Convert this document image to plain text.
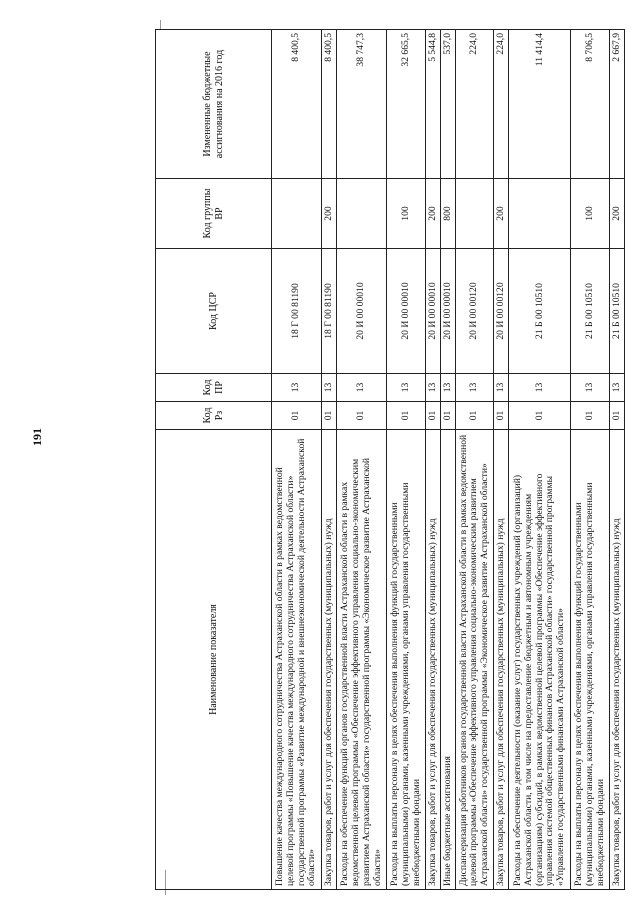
191
Наименование показателя	Код Рз	Код ПР	Код ЦСР	Код группы ВР	Измененные бюджетные ассигнования на 2016 год
Повышение качества международного сотрудничества Астраханской области в рамках ведомственной целевой программы «Повышение качества международного сотрудничества Астраханской области» государственной программы «Развитие международной и внешнеэкономической деятельности Астраханской области»	01	13	18 Г 00 81190		8 400,5
Закупка товаров, работ и услуг для обеспечения государственных (муниципальных) нужд	01	13	18 Г 00 81190	200	8 400,5
Расходы на обеспечение функций органов государственной власти Астраханской области в рамках ведомственной целевой программы «Обеспечение эффективного управления социально-экономическим развитием Астраханской области» государственной программы «Экономическое развитие Астраханской области»	01	13	20 И 00 00010		38 747,3
Расходы на выплаты персоналу в целях обеспечения выполнения функций государственными (муниципальными) органами, казенными учреждениями, органами управления государственными внебюджетными фондами	01	13	20 И 00 00010	100	32 665,5
Закупка товаров, работ и услуг для обеспечения государственных (муниципальных) нужд	01	13	20 И 00 00010	200	5 544,8
Иные бюджетные ассигнования	01	13	20 И 00 00010	800	537,0
Диспансеризация работников органов государственной власти Астраханской области в рамках ведомственной целевой программы «Обеспечение эффективного управления социально-экономическим развитием Астраханской области» государственной программы «Экономическое развитие Астраханской области»	01	13	20 И 00 00120		224,0
Закупка товаров, работ и услуг для обеспечения государственных (муниципальных) нужд	01	13	20 И 00 00120	200	224,0
Расходы на обеспечение деятельности (оказание услуг) государственных учреждений (организаций) Астраханской области, в том числе на предоставление бюджетным и автономным учреждениям (организациям) субсидий, в рамках ведомственной целевой программы «Обеспечение эффективного управления системой общественных финансов Астраханской области» государственной программы «Управление государственными финансами Астраханской области»	01	13	21 Б 00 10510		11 414,4
Расходы на выплаты персоналу в целях обеспечения выполнения функций государственными (муниципальными) органами, казенными учреждениями, органами управления государственными внебюджетными фондами	01	13	21 Б 00 10510	100	8 706,5
Закупка товаров, работ и услуг для обеспечения государственных (муниципальных) нужд	01	13	21 Б 00 10510	200	2 667,9
